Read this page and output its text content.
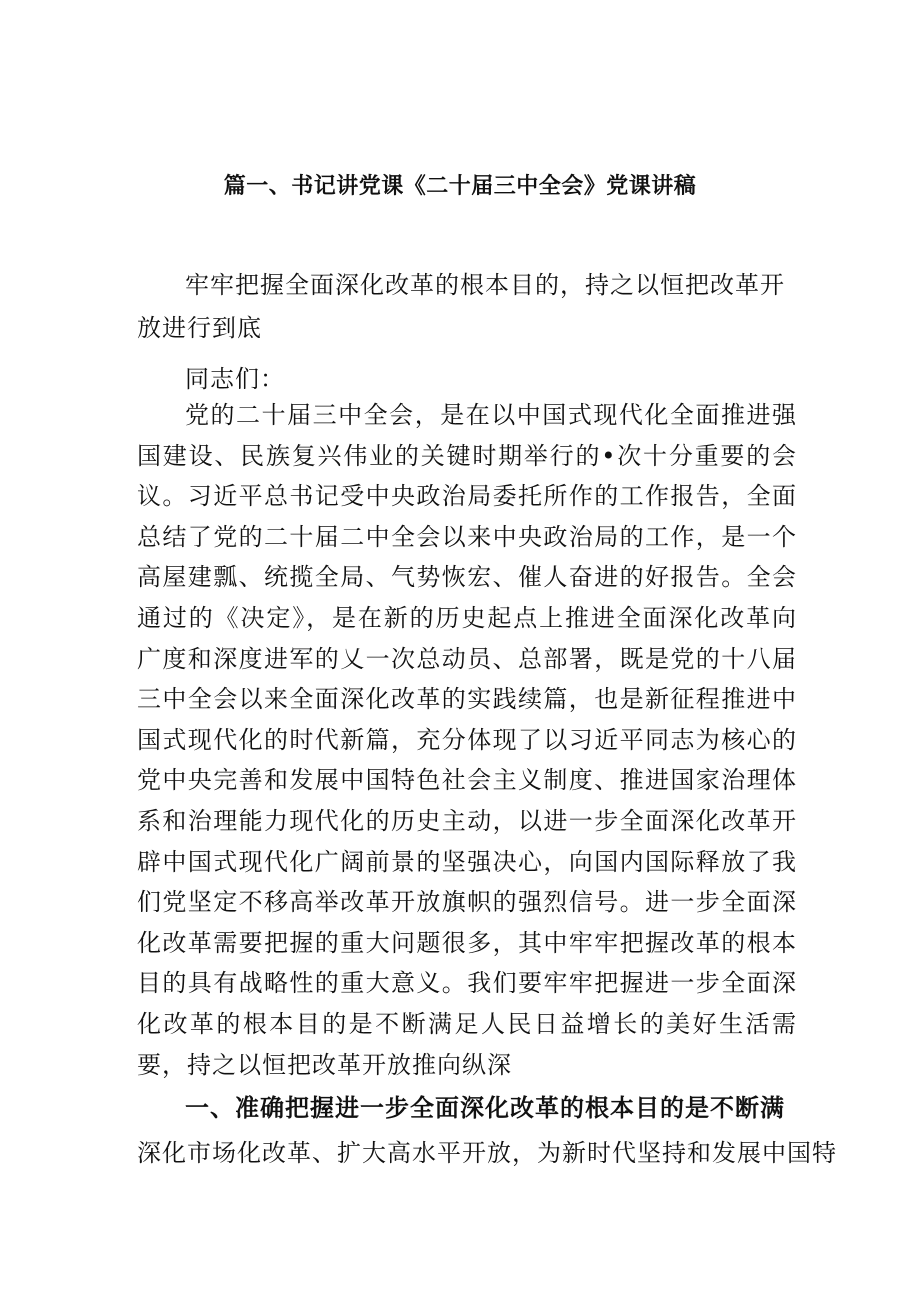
篇一、书记讲党课《二十届三中全会》党课讲稿

牢牢把握全面深化改革的根本目的，持之以恒把改革开放进行到底

同志们：

党的二十届三中全会，是在以中国式现代化全面推进强国建设、民族复兴伟业的关键时期举行的•次十分重要的会议。习近平总书记受中央政治局委托所作的工作报告，全面总结了党的二十届二中全会以来中央政治局的工作，是一个高屋建瓢、统揽全局、气势恢宏、催人奋进的好报告。全会通过的《决定》，是在新的历史起点上推进全面深化改革向广度和深度进军的乂一次总动员、总部署，既是党的十八届三中全会以来全面深化改革的实践续篇，也是新征程推进中国式现代化的时代新篇，充分体现了以习近平同志为核心的党中央完善和发展中国特色社会主义制度、推进国家治理体系和治理能力现代化的历史主动，以进一步全面深化改革开辟中国式现代化广阔前景的坚强决心，向国内国际释放了我们党坚定不移高举改革开放旗帜的强烈信号。进一步全面深化改革需要把握的重大问题很多，其中牢牢把握改革的根本目的具有战略性的重大意义。我们要牢牢把握进一步全面深化改革的根本目的是不断满足人民日益增长的美好生活需要，持之以恒把改革开放推向纵深

一、准确把握进一步全面深化改革的根本目的是不断满

深化市场化改革、扩大高水平开放，为新时代坚持和发展中国特
